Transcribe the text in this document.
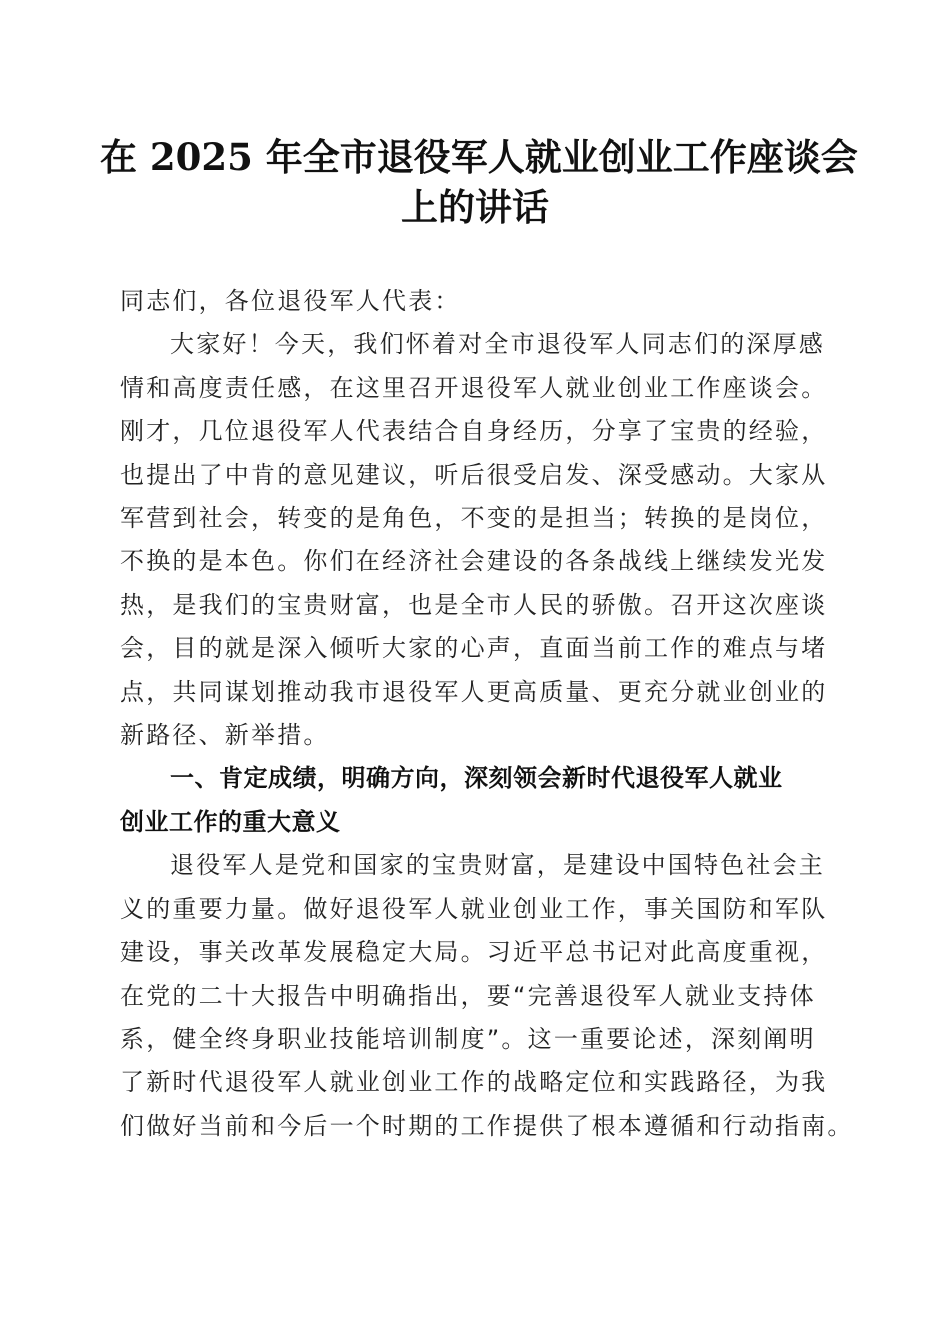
在 2025 年全市退役军人就业创业工作座谈会
上的讲话
同志们，各位退役军人代表：
大家好！今天，我们怀着对全市退役军人同志们的深厚感
情和高度责任感，在这里召开退役军人就业创业工作座谈会。
刚才，几位退役军人代表结合自身经历，分享了宝贵的经验，
也提出了中肯的意见建议，听后很受启发、深受感动。大家从
军营到社会，转变的是角色，不变的是担当；转换的是岗位，
不换的是本色。你们在经济社会建设的各条战线上继续发光发
热，是我们的宝贵财富，也是全市人民的骄傲。召开这次座谈
会，目的就是深入倾听大家的心声，直面当前工作的难点与堵
点，共同谋划推动我市退役军人更高质量、更充分就业创业的
新路径、新举措。
一、肯定成绩，明确方向，深刻领会新时代退役军人就业
创业工作的重大意义
退役军人是党和国家的宝贵财富，是建设中国特色社会主
义的重要力量。做好退役军人就业创业工作，事关国防和军队
建设，事关改革发展稳定大局。习近平总书记对此高度重视，
在党的二十大报告中明确指出，要“完善退役军人就业支持体
系，健全终身职业技能培训制度”。这一重要论述，深刻阐明
了新时代退役军人就业创业工作的战略定位和实践路径，为我
们做好当前和今后一个时期的工作提供了根本遵循和行动指南。
